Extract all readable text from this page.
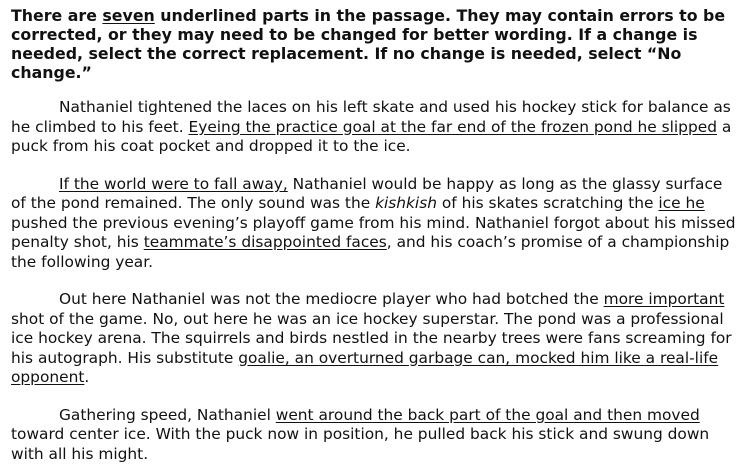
There are seven underlined parts in the passage. They may contain errors to be corrected, or they may need to be changed for better wording. If a change is needed, select the correct replacement. If no change is needed, select “No change.”

Nathaniel tightened the laces on his left skate and used his hockey stick for balance as he climbed to his feet. Eyeing the practice goal at the far end of the frozen pond he slipped a puck from his coat pocket and dropped it to the ice.

If the world were to fall away, Nathaniel would be happy as long as the glassy surface of the pond remained. The only sound was the kishkish of his skates scratching the ice he pushed the previous evening’s playoff game from his mind. Nathaniel forgot about his missed penalty shot, his teammate’s disappointed faces, and his coach’s promise of a championship the following year.

Out here Nathaniel was not the mediocre player who had botched the more important shot of the game. No, out here he was an ice hockey superstar. The pond was a professional ice hockey arena. The squirrels and birds nestled in the nearby trees were fans screaming for his autograph. His substitute goalie, an overturned garbage can, mocked him like a real-life opponent.

Gathering speed, Nathaniel went around the back part of the goal and then moved toward center ice. With the puck now in position, he pulled back his stick and swung down with all his might.
